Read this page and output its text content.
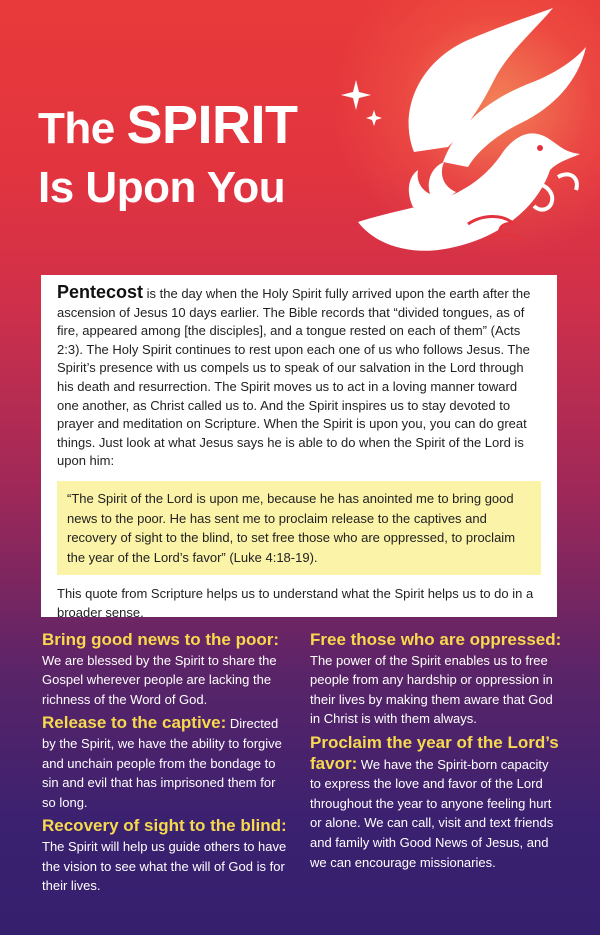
The SPIRIT
Is Upon You

Pentecost is the day when the Holy Spirit fully arrived upon the earth after the ascension of Jesus 10 days earlier. The Bible records that “divided tongues, as of fire, appeared among [the disciples], and a tongue rested on each of them” (Acts 2:3). The Holy Spirit continues to rest upon each one of us who follows Jesus. The Spirit’s presence with us compels us to speak of our salvation in the Lord through his death and resurrection. The Spirit moves us to act in a loving manner toward one another, as Christ called us to. And the Spirit inspires us to stay devoted to prayer and meditation on Scripture. When the Spirit is upon you, you can do great things. Just look at what Jesus says he is able to do when the Spirit of the Lord is upon him:

“The Spirit of the Lord is upon me, because he has anointed me to bring good news to the poor. He has sent me to proclaim release to the captives and recovery of sight to the blind, to set free those who are oppressed, to proclaim the year of the Lord’s favor” (Luke 4:18-19).

This quote from Scripture helps us to understand what the Spirit helps us to do in a broader sense.

Bring good news to the poor: We are blessed by the Spirit to share the Gospel wherever people are lacking the richness of the Word of God.

Release to the captive: Directed by the Spirit, we have the ability to forgive and unchain people from the bondage to sin and evil that has imprisoned them for so long.

Recovery of sight to the blind: The Spirit will help us guide others to have the vision to see what the will of God is for their lives.

Free those who are oppressed: The power of the Spirit enables us to free people from any hardship or oppression in their lives by making them aware that God in Christ is with them always.

Proclaim the year of the Lord’s favor: We have the Spirit-born capacity to express the love and favor of the Lord throughout the year to anyone feeling hurt or alone. We can call, visit and text friends and family with Good News of Jesus, and we can encourage missionaries.
